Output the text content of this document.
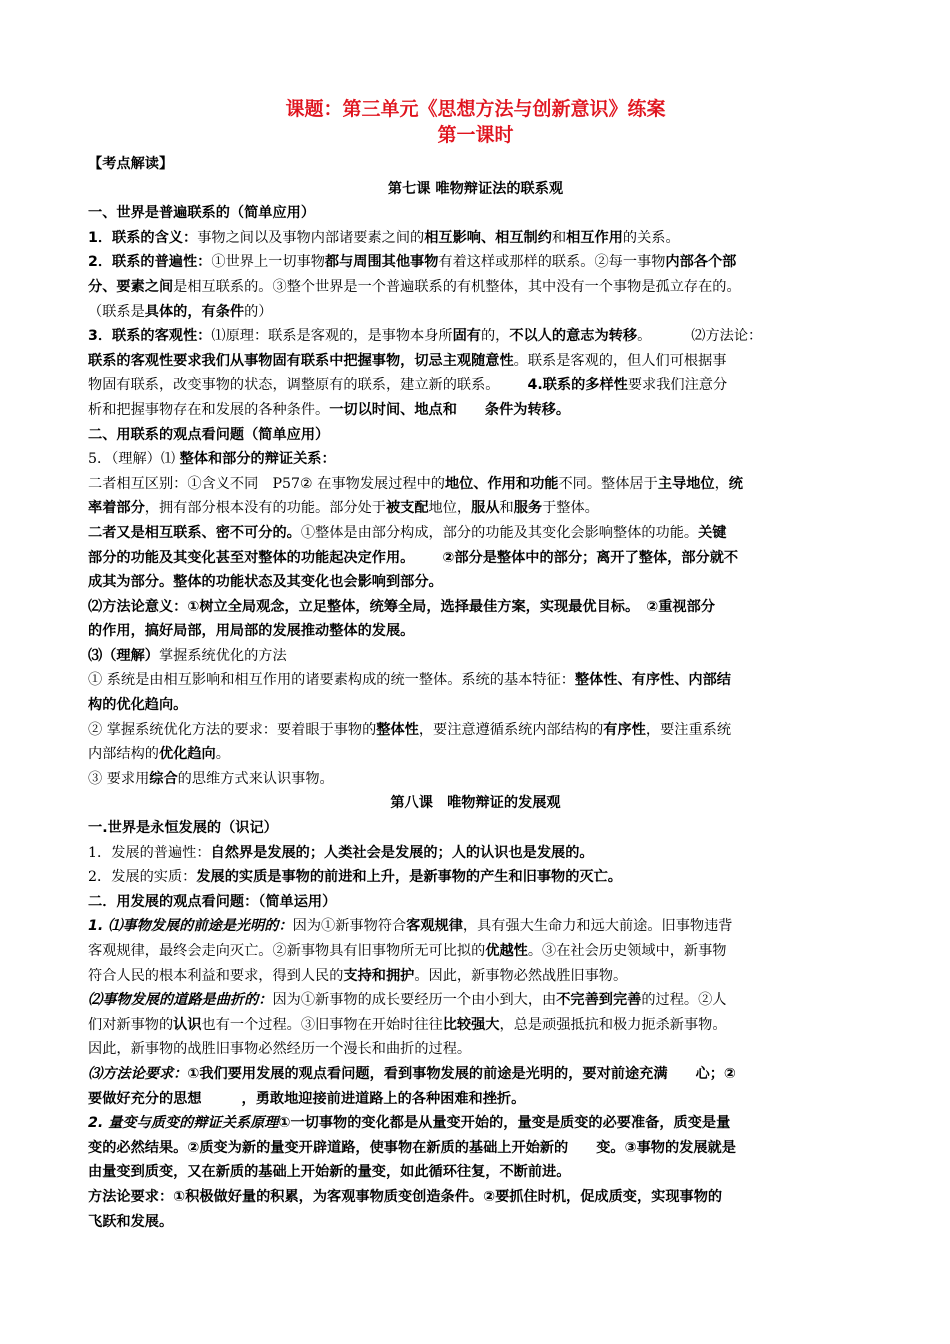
课题：第三单元《思想方法与创新意识》练案
第一课时

【考点解读】

第七课 唯物辩证法的联系观

一、世界是普遍联系的（简单应用）

1．联系的含义：事物之间以及事物内部诸要素之间的相互影响、相互制约和相互作用的关系。

2．联系的普遍性：①世界上一切事物都与周围其他事物有着这样或那样的联系。②每一事物内部各个部

分、要素之间是相互联系的。③整个世界是一个普遍联系的有机整体，其中没有一个事物是孤立存在的。

（联系是具体的，有条件的）

3．联系的客观性：⑴原理：联系是客观的，是事物本身所固有的，不以人的意志为转移。	⑵方法论：

联系的客观性要求我们从事物固有联系中把握事物，切忌主观随意性。联系是客观的，但人们可根据事

物固有联系，改变事物的状态，调整原有的联系，建立新的联系。 4.联系的多样性要求我们注意分

析和把握事物存在和发展的各种条件。一切以时间、地点和 条件为转移。

二、用联系的观点看问题（简单应用）

5．（理解）⑴ 整体和部分的辩证关系：

二者相互区别：①含义不同　P57② 在事物发展过程中的地位、作用和功能不同。整体居于主导地位，统

率着部分，拥有部分根本没有的功能。部分处于被支配地位，服从和服务于整体。

二者又是相互联系、密不可分的。①整体是由部分构成，部分的功能及其变化会影响整体的功能。关键

部分的功能及其变化甚至对整体的功能起决定作用。 ②部分是整体中的部分；离开了整体，部分就不

成其为部分。整体的功能状态及其变化也会影响到部分。

⑵方法论意义：①树立全局观念，立足整体，统筹全局，选择最佳方案，实现最优目标。　②重视部分

的作用，搞好局部，用局部的发展推动整体的发展。

⑶（理解）掌握系统优化的方法

① 系统是由相互影响和相互作用的诸要素构成的统一整体。系统的基本特征：整体性、有序性、内部结

构的优化趋向。

② 掌握系统优化方法的要求：要着眼于事物的整体性，要注意遵循系统内部结构的有序性，要注重系统

内部结构的优化趋向。

③ 要求用综合的思维方式来认识事物。

第八课　唯物辩证的发展观

一.世界是永恒发展的（识记）

1．发展的普遍性：自然界是发展的；人类社会是发展的；人的认识也是发展的。

2．发展的实质：发展的实质是事物的前进和上升，是新事物的产生和旧事物的灭亡。

二．用发展的观点看问题：（简单运用）

1. ⑴事物发展的前途是光明的：因为①新事物符合客观规律，具有强大生命力和远大前途。旧事物违背

客观规律，最终会走向灭亡。②新事物具有旧事物所无可比拟的优越性。③在社会历史领域中，新事物

符合人民的根本利益和要求，得到人民的支持和拥护。因此，新事物必然战胜旧事物。

⑵事物发展的道路是曲折的：因为①新事物的成长要经历一个由小到大，由不完善到完善的过程。②人

们对新事物的认识也有一个过程。③旧事物在开始时往往比较强大，总是顽强抵抗和极力扼杀新事物。

因此，新事物的战胜旧事物必然经历一个漫长和曲折的过程。

⑶方法论要求：①我们要用发展的观点看问题，看到事物发展的前途是光明的，要对前途充满 心；②

要做好充分的思想	，勇敢地迎接前进道路上的各种困难和挫折。

2. 量变与质变的辩证关系原理①一切事物的变化都是从量变开始的，量变是质变的必要准备，质变是量

变的必然结果。②质变为新的量变开辟道路，使事物在新质的基础上开始新的 变。③事物的发展就是

由量变到质变，又在新质的基础上开始新的量变，如此循环往复，不断前进。

方法论要求：①积极做好量的积累，为客观事物质变创造条件。②要抓住时机，促成质变，实现事物的

飞跃和发展。
